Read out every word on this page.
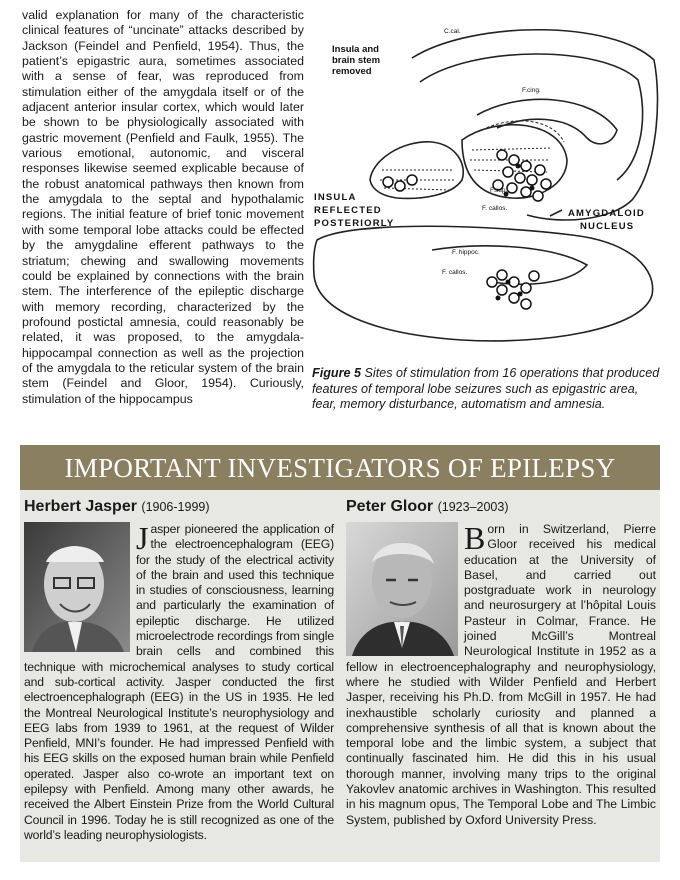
valid explanation for many of the characteristic clinical features of “uncinate” attacks described by Jackson (Feindel and Penfield, 1954). Thus, the patient’s epigastric aura, sometimes associated with a sense of fear, was reproduced from stimulation either of the amygdala itself or of the adjacent anterior insular cortex, which would later be shown to be physiologically associated with gastric movement (Penfield and Faulk, 1955). The various emotional, autonomic, and visceral responses likewise seemed explicable because of the robust anatomical pathways then known from the amygdala to the septal and hypothalamic regions. The initial feature of brief tonic movement with some temporal lobe attacks could be effected by the amygdaline efferent pathways to the striatum; chewing and swallowing movements could be explained by connections with the brain stem. The interference of the epileptic discharge with memory recording, characterized by the profound postictal amnesia, could reasonably be related, it was proposed, to the amygdala-hippocampal connection as well as the projection of the amygdala to the reticular system of the brain stem (Feindel and Gloor, 1954). Curiously, stimulation of the hippocampus

Insula and brain stem removed
INSULA REFLECTED POSTERIORLY
AMYGDALOID NUCLEUS
C.cal.
F.cing.
F.sup.
F. callos.
F. hippoc.
F. callos.

Figure 5 Sites of stimulation from 16 operations that produced features of temporal lobe seizures such as epigastric area, fear, memory disturbance, automatism and amnesia.

IMPORTANT INVESTIGATORS OF EPILEPSY
Herbert Jasper (1906-1999)
J asper pioneered the application of the electroencephalogram (EEG) for the study of the electrical activity of the brain and used this technique in studies of consciousness, learning and particularly the examination of epileptic discharge. He utilized microelectrode recordings from single brain cells and combined this technique with microchemical analyses to study cortical and sub-cortical activity. Jasper conducted the first electroencephalograph (EEG) in the US in 1935. He led the Montreal Neurological Institute’s neurophysiology and EEG labs from 1939 to 1961, at the request of Wilder Penfield, MNI’s founder. He had impressed Penfield with his EEG skills on the exposed human brain while Penfield operated. Jasper also co-wrote an important text on epilepsy with Penfield. Among many other awards, he received the Albert Einstein Prize from the World Cultural Council in 1996. Today he is still recognized as one of the world’s leading neurophysiologists.

Peter Gloor (1923–2003)
B orn in Switzerland, Pierre Gloor received his medical education at the University of Basel, and carried out postgraduate work in neurology and neurosurgery at l’hôpital Louis Pasteur in Colmar, France. He joined McGill’s Montreal Neurological Institute in 1952 as a fellow in electroencephalography and neurophysiology, where he studied with Wilder Penfield and Herbert Jasper, receiving his Ph.D. from McGill in 1957. He had inexhaustible scholarly curiosity and planned a comprehensive synthesis of all that is known about the temporal lobe and the limbic system, a subject that continually fascinated him. He did this in his usual thorough manner, involving many trips to the original Yakovlev anatomic archives in Washington. This resulted in his magnum opus, The Temporal Lobe and The Limbic System, published by Oxford University Press.
